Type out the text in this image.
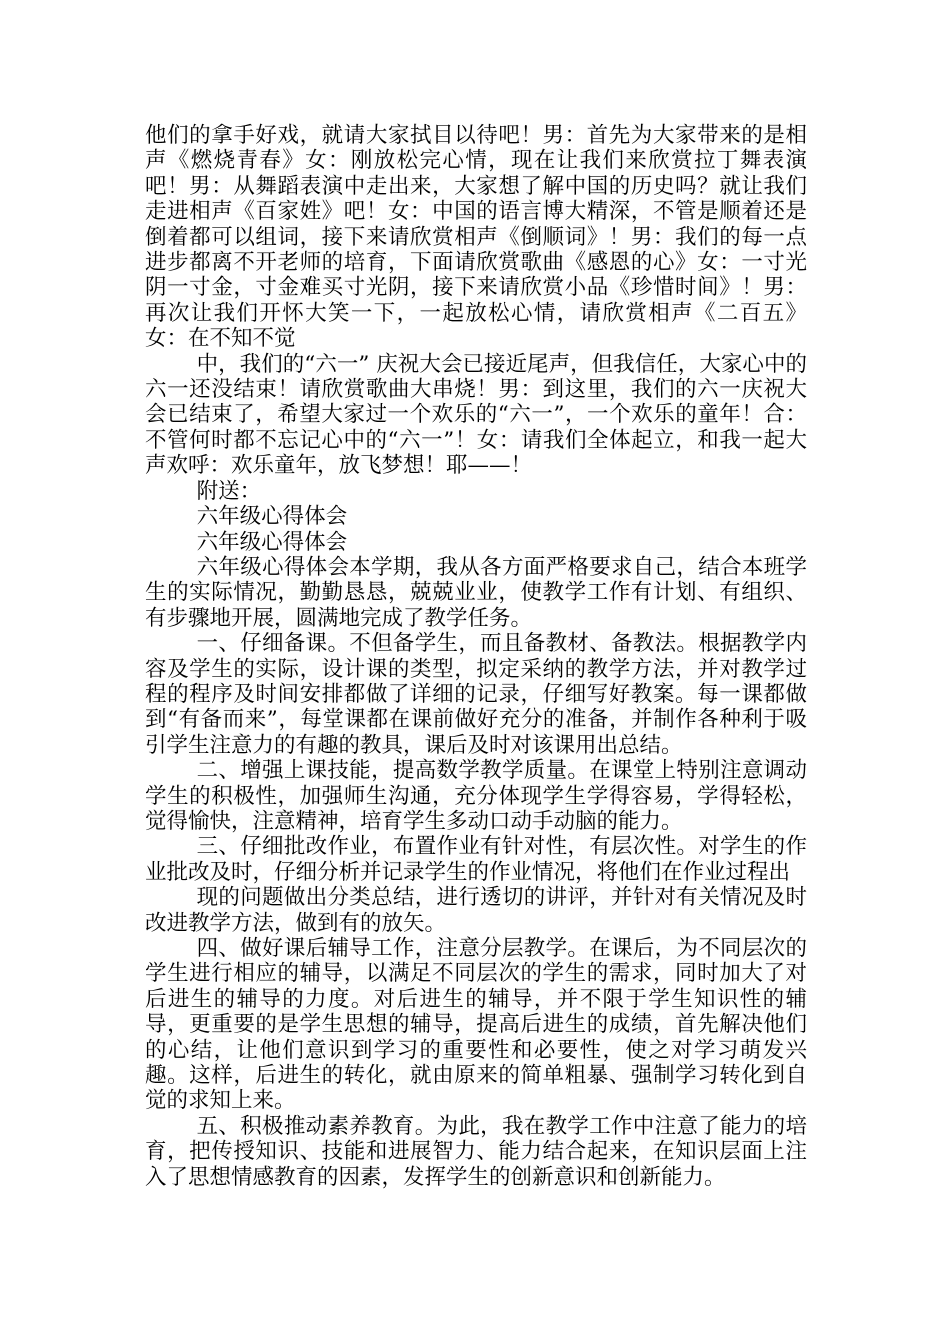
他们的拿手好戏，就请大家拭目以待吧！男：首先为大家带来的是相声《燃烧青春》女：刚放松完心情，现在让我们来欣赏拉丁舞表演吧！男：从舞蹈表演中走出来，大家想了解中国的历史吗？就让我们走进相声《百家姓》吧！女：中国的语言博大精深，不管是顺着还是倒着都可以组词，接下来请欣赏相声《倒顺词》！男：我们的每一点进步都离不开老师的培育，下面请欣赏歌曲《感恩的心》女：一寸光阴一寸金，寸金难买寸光阴，接下来请欣赏小品《珍惜时间》！男：再次让我们开怀大笑一下，一起放松心情，请欣赏相声《二百五》女：在不知不觉

中，我们的“六一” 庆祝大会已接近尾声，但我信任，大家心中的六一还没结束！请欣赏歌曲大串烧！男：到这里，我们的六一庆祝大会已结束了，希望大家过一个欢乐的“六一”，一个欢乐的童年！合：不管何时都不忘记心中的“六一”！女：请我们全体起立，和我一起大声欢呼：欢乐童年，放飞梦想！耶——！

附送：

六年级心得体会

六年级心得体会

六年级心得体会本学期，我从各方面严格要求自己，结合本班学生的实际情况，勤勤恳恳，兢兢业业，使教学工作有计划、有组织、有步骤地开展，圆满地完成了教学任务。

一、仔细备课。不但备学生，而且备教材、备教法。根据教学内容及学生的实际，设计课的类型，拟定采纳的教学方法，并对教学过程的程序及时间安排都做了详细的记录，仔细写好教案。每一课都做到“有备而来”，每堂课都在课前做好充分的准备，并制作各种利于吸引学生注意力的有趣的教具，课后及时对该课用出总结。

二、增强上课技能，提高数学教学质量。在课堂上特别注意调动学生的积极性，加强师生沟通，充分体现学生学得容易，学得轻松，觉得愉快，注意精神，培育学生多动口动手动脑的能力。

三、仔细批改作业，布置作业有针对性，有层次性。对学生的作业批改及时，仔细分析并记录学生的作业情况，将他们在作业过程出

现的问题做出分类总结，进行透切的讲评，并针对有关情况及时改进教学方法，做到有的放矢。

四、做好课后辅导工作，注意分层教学。在课后，为不同层次的学生进行相应的辅导，以满足不同层次的学生的需求，同时加大了对后进生的辅导的力度。对后进生的辅导，并不限于学生知识性的辅导，更重要的是学生思想的辅导，提高后进生的成绩，首先解决他们的心结，让他们意识到学习的重要性和必要性，使之对学习萌发兴趣。这样，后进生的转化，就由原来的简单粗暴、强制学习转化到自觉的求知上来。

五、积极推动素养教育。为此，我在教学工作中注意了能力的培育，把传授知识、技能和进展智力、能力结合起来，在知识层面上注入了思想情感教育的因素，发挥学生的创新意识和创新能力。
